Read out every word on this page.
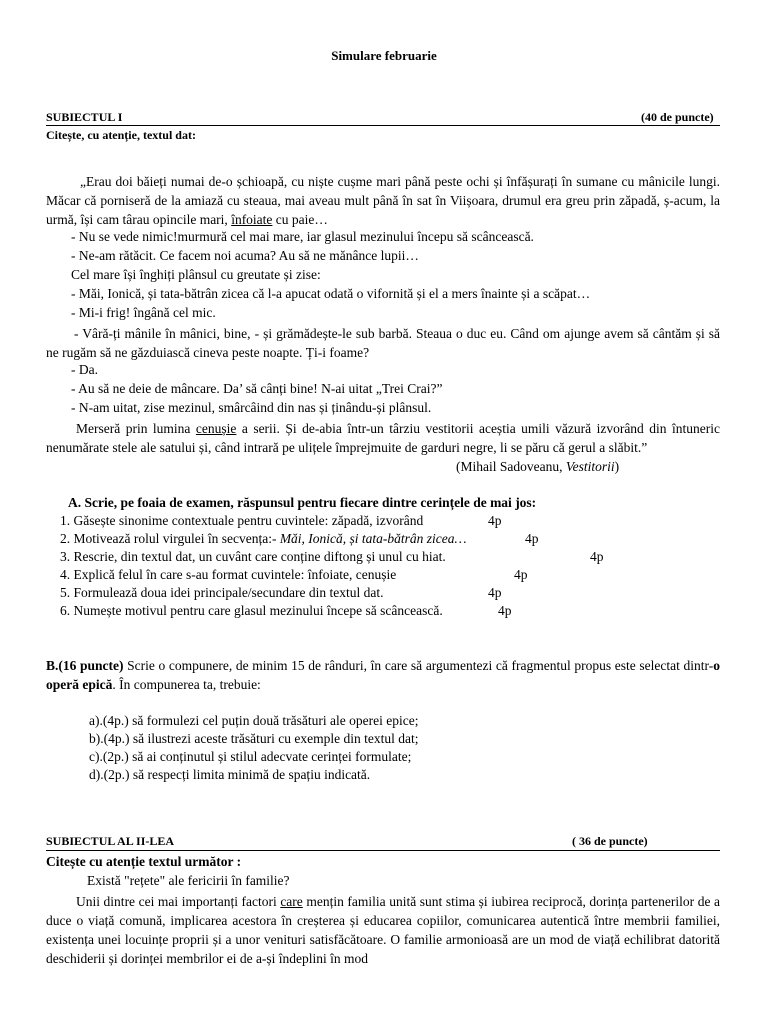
Simulare februarie
SUBIECTUL I	(40 de puncte)
Citește, cu atenție, textul dat:
„Erau doi băieți numai de-o șchioapă, cu niște cușme mari până peste ochi și înfășurați în sumane cu mânicile lungi. Măcar că porniseră de la amiază cu steaua, mai aveau mult până în sat în Viișoara, drumul era greu prin zăpadă, ș-acum, la urmă, își cam târau opincile mari, înfoiate cu paie…
- Nu se vede nimic!murmură cel mai mare, iar glasul mezinului începu să scâncească.
- Ne-am rătăcit. Ce facem noi acuma? Au să ne mănânce lupii…
Cel mare își înghiți plânsul cu greutate și zise:
- Măi, Ionică, și tata-bătrân zicea că l-a apucat odată o vifornită și el a mers înainte și a scăpat…
- Mi-i frig! îngână cel mic.
- Vâră-ți mânile în mânici, bine, - și grămădește-le sub barbă. Steaua o duc eu. Când om ajunge avem să cântăm și să ne rugăm să ne găzduiască cineva peste noapte. Ți-i foame?
- Da.
- Au să ne deie de mâncare. Da’ să cânți bine! N-ai uitat „Trei Crai?”
- N-am uitat, zise mezinul, smârcâind din nas și ținându-și plânsul.
Merseră prin lumina cenușie a serii. Și de-abia într-un târziu vestitorii aceștia umili văzură izvorând din întuneric nenumărate stele ale satului și, când intrară pe ulițele împrejmuite de garduri negre, li se păru că gerul a slăbit.”
(Mihail Sadoveanu, Vestitorii)
A. Scrie, pe foaia de examen, răspunsul pentru fiecare dintre cerințele de mai jos:
1. Găsește sinonime contextuale pentru cuvintele: zăpadă, izvorând	4p
2. Motivează rolul virgulei în secvența:- Măi, Ionică, și tata-bătrân zicea…	4p
3. Rescrie, din textul dat, un cuvânt care conține diftong și unul cu hiat.	4p
4. Explică felul în care s-au format cuvintele: înfoiate, cenușie	4p
5. Formulează doua idei principale/secundare din textul dat.	4p
6. Numește motivul pentru care glasul mezinului începe să scâncească.	4p
B.(16 puncte) Scrie o compunere, de minim 15 de rânduri, în care să argumentezi că fragmentul propus este selectat dintr-o operă epică. În compunerea ta, trebuie:
a).(4p.) să formulezi cel puțin două trăsături ale operei epice;
b).(4p.) să ilustrezi aceste trăsături cu exemple din textul dat;
c).(2p.) să ai conținutul și stilul adecvate cerinței formulate;
d).(2p.) să respecți limita minimă de spațiu indicată.
SUBIECTUL AL II-LEA	( 36 de puncte)
Citește cu atenție textul următor :
Există "rețete" ale fericirii în familie?
Unii dintre cei mai importanți factori care mențin familia unită sunt stima și iubirea reciprocă, dorința partenerilor de a duce o viață comună, implicarea acestora în creșterea și educarea copiilor, comunicarea autentică între membrii familiei, existența unei locuințe proprii și a unor venituri satisfăcătoare. O familie armonioasă are un mod de viață echilibrat datorită deschiderii și dorinței membrilor ei de a-și îndeplini în mod
